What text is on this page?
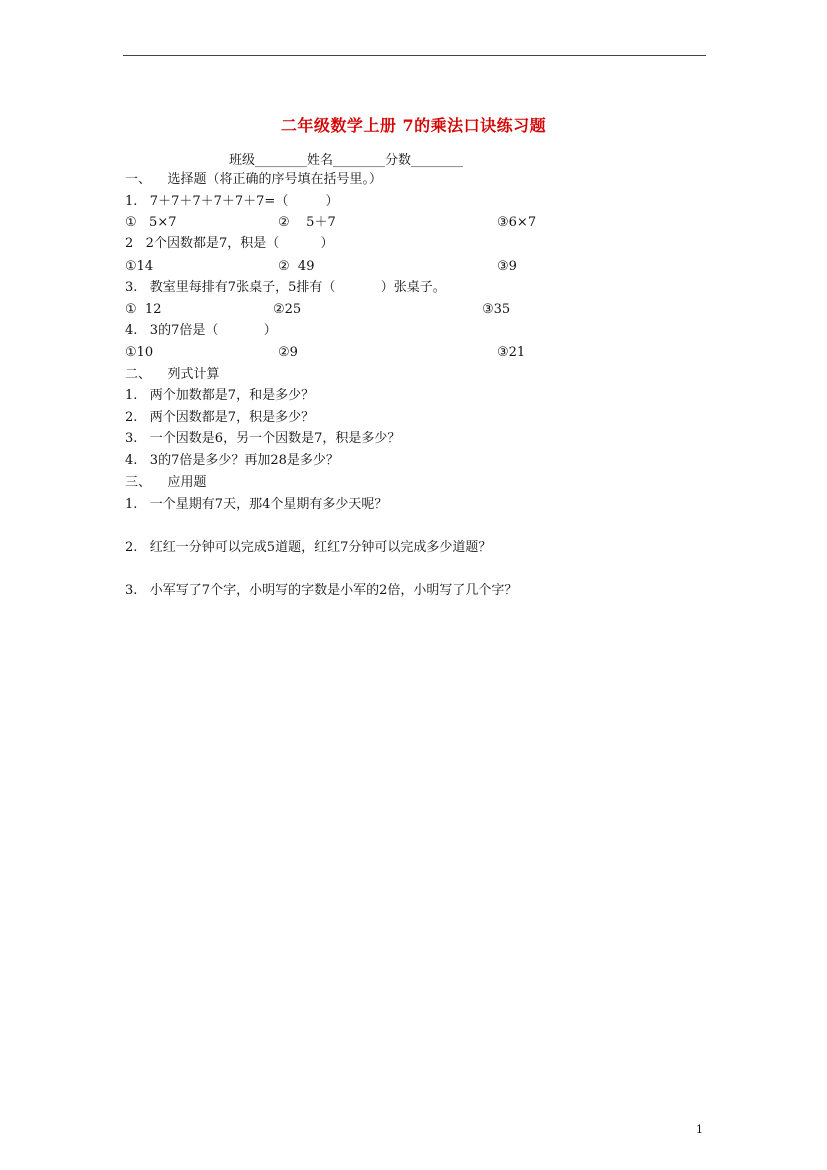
二年级数学上册 7的乘法口诀练习题
班级________姓名________分数________
一、    选择题（将正确的序号填在括号里。）
1.   7＋7＋7＋7＋7＋7=（         ）
①   5×7	②    5＋7	③6×7
2   2个因数都是7，积是（          ）
①14	②  49	③9
3.   教室里每排有7张桌子，5排有（           ）张桌子。
①  12	②25	③35
4.   3的7倍是（           ）
①10	②9	③21
二、    列式计算
1.   两个加数都是7，和是多少？
2.   两个因数都是7，积是多少？
3.   一个因数是6，另一个因数是7，积是多少？
4.   3的7倍是多少？再加28是多少？
三、    应用题
1.   一个星期有7天，那4个星期有多少天呢？
2.   红红一分钟可以完成5道题，红红7分钟可以完成多少道题？
3.   小军写了7个字，小明写的字数是小军的2倍，小明写了几个字？
1
